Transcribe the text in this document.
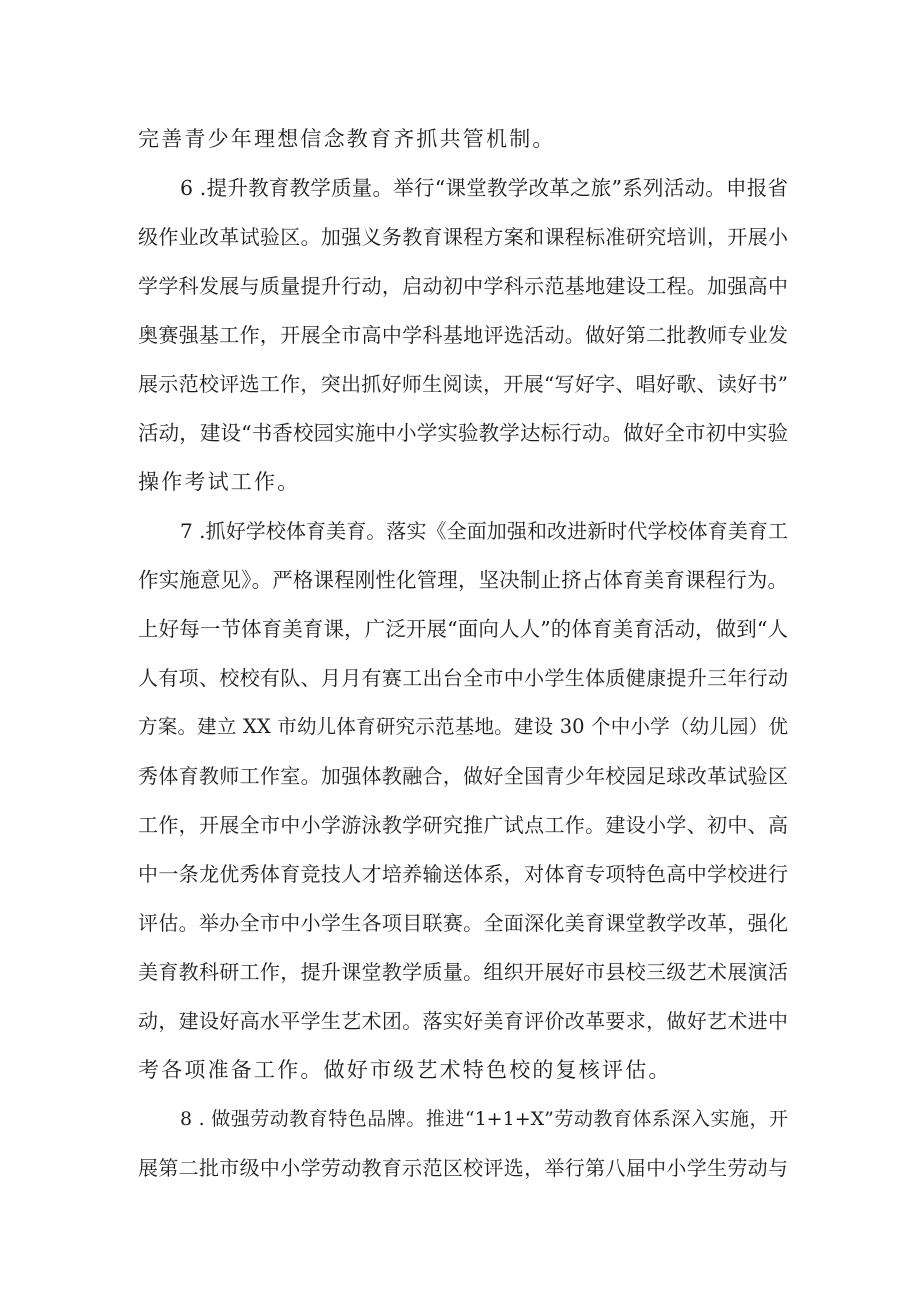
完善青少年理想信念教育齐抓共管机制。
6 .提升教育教学质量。举行“课堂教学改革之旅”系列活动。申报省
级作业改革试验区。加强义务教育课程方案和课程标准研究培训，开展小
学学科发展与质量提升行动，启动初中学科示范基地建设工程。加强高中
奥赛强基工作，开展全市高中学科基地评选活动。做好第二批教师专业发
展示范校评选工作，突出抓好师生阅读，开展“写好字、唱好歌、读好书”
活动，建设“书香校园实施中小学实验教学达标行动。做好全市初中实验
操作考试工作。
7 .抓好学校体育美育。落实《全面加强和改进新时代学校体育美育工
作实施意见》。严格课程刚性化管理，坚决制止挤占体育美育课程行为。
上好每一节体育美育课，广泛开展“面向人人”的体育美育活动，做到“人
人有项、校校有队、月月有赛工出台全市中小学生体质健康提升三年行动
方案。建立 XX 市幼儿体育研究示范基地。建设 30 个中小学（幼儿园）优
秀体育教师工作室。加强体教融合，做好全国青少年校园足球改革试验区
工作，开展全市中小学游泳教学研究推广试点工作。建设小学、初中、高
中一条龙优秀体育竞技人才培养输送体系，对体育专项特色高中学校进行
评估。举办全市中小学生各项目联赛。全面深化美育课堂教学改革，强化
美育教科研工作，提升课堂教学质量。组织开展好市县校三级艺术展演活
动，建设好高水平学生艺术团。落实好美育评价改革要求，做好艺术进中
考各项准备工作。做好市级艺术特色校的复核评估。
8 . 做强劳动教育特色品牌。推进“1+1+X”劳动教育体系深入实施，开
展第二批市级中小学劳动教育示范区校评选，举行第八届中小学生劳动与
